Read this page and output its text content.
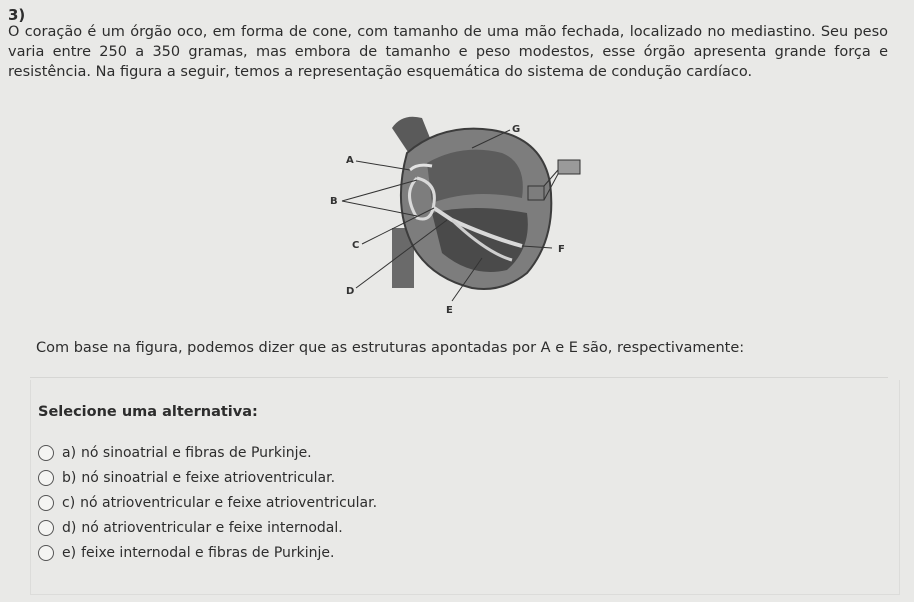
3)
O coração é um órgão oco, em forma de cone, com tamanho de uma mão fechada, localizado no mediastino. Seu peso varia entre 250 a 350 gramas, mas embora de tamanho e peso modestos, esse órgão apresenta grande força e resistência. Na figura a seguir, temos a representação esquemática do sistema de condução cardíaco.
A
B
C
D
E
F
G
Com base na figura, podemos dizer que as estruturas apontadas por A e E são, respectivamente:
Selecione uma alternativa:
a) nó sinoatrial e fibras de Purkinje.
b) nó sinoatrial e feixe atrioventricular.
c) nó atrioventricular e feixe atrioventricular.
d) nó atrioventricular e feixe internodal.
e) feixe internodal e fibras de Purkinje.
